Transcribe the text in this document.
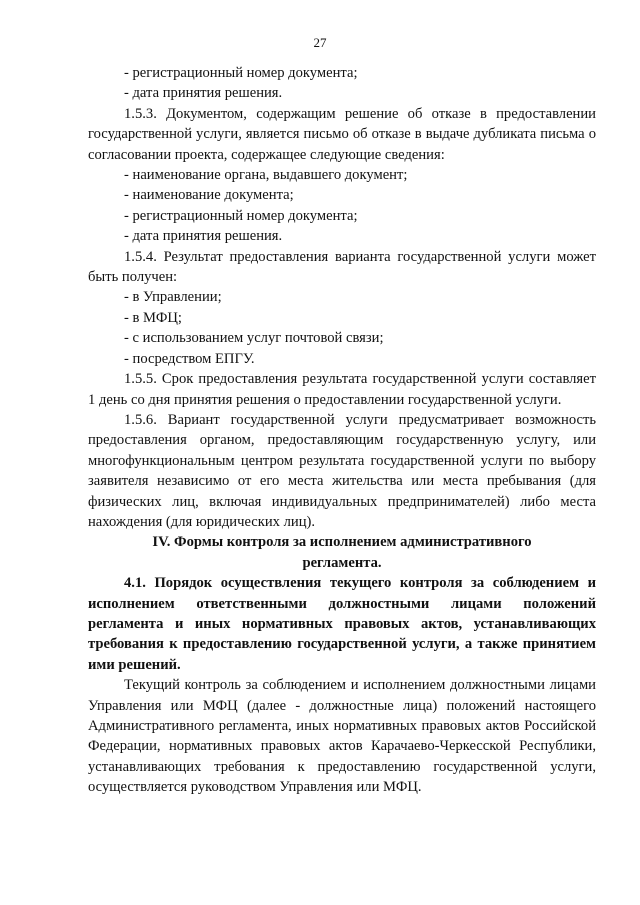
27

- регистрационный номер документа;

- дата принятия решения.

1.5.3. Документом, содержащим решение об отказе в предоставлении государственной услуги, является письмо об отказе в выдаче дубликата письма о согласовании проекта, содержащее следующие сведения:

- наименование органа, выдавшего документ;

- наименование документа;

- регистрационный номер документа;

- дата принятия решения.

1.5.4. Результат предоставления варианта государственной услуги может быть получен:

- в Управлении;

- в МФЦ;

- с использованием услуг почтовой связи;

- посредством ЕПГУ.

1.5.5. Срок предоставления результата государственной услуги составляет 1 день со дня принятия решения о предоставлении государственной услуги.

1.5.6. Вариант государственной услуги предусматривает возможность предоставления органом, предоставляющим государственную услугу, или многофункциональным центром результата государственной услуги по выбору заявителя независимо от его места жительства или места пребывания (для физических лиц, включая индивидуальных предпринимателей) либо места нахождения (для юридических лиц).

IV. Формы контроля за исполнением административного

регламента.

4.1. Порядок осуществления текущего контроля за соблюдением и исполнением ответственными должностными лицами положений регламента и иных нормативных правовых актов, устанавливающих требования к предоставлению государственной услуги, а также принятием ими решений.

Текущий контроль за соблюдением и исполнением должностными лицами Управления или МФЦ (далее - должностные лица) положений настоящего Административного регламента, иных нормативных правовых актов Российской Федерации, нормативных правовых актов Карачаево-Черкесской Республики, устанавливающих требования к предоставлению государственной услуги, осуществляется руководством Управления или МФЦ.
